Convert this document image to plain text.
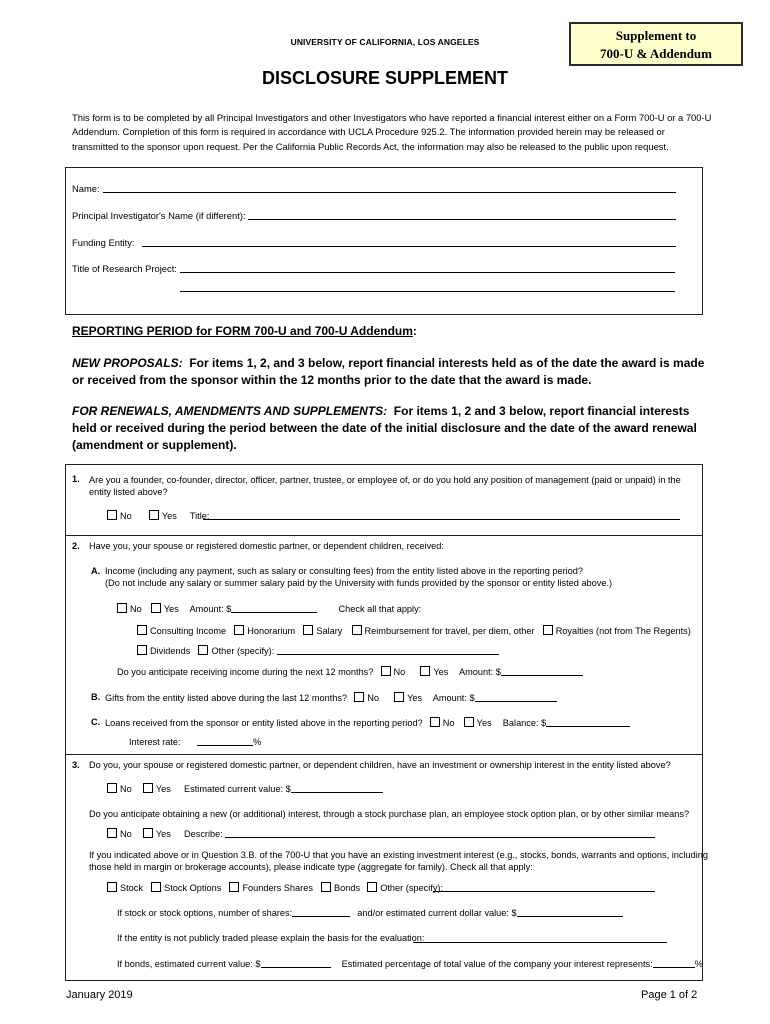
UNIVERSITY OF CALIFORNIA, LOS ANGELES	Supplement to
700-U & Addendum
DISCLOSURE SUPPLEMENT
This form is to be completed by all Principal Investigators and other Investigators who have reported a financial interest either on a Form 700-U or a 700-U Addendum. Completion of this form is required in accordance with UCLA Procedure 925.2. The information provided herein may be released or transmitted to the sponsor upon request. Per the California Public Records Act, the information may also be released to the public upon request.
Name:
Principal Investigator's Name (if different):
Funding Entity:
Title of Research Project:
REPORTING PERIOD for FORM 700-U and 700-U Addendum:
NEW PROPOSALS: For items 1, 2, and 3 below, report financial interests held as of the date the award is made or received from the sponsor within the 12 months prior to the date that the award is made.
FOR RENEWALS, AMENDMENTS AND SUPPLEMENTS: For items 1, 2 and 3 below, report financial interests held or received during the period between the date of the initial disclosure and the date of the award renewal (amendment or supplement).
1. Are you a founder, co-founder, director, officer, partner, trustee, or employee of, or do you hold any position of management (paid or unpaid) in the entity listed above?
No	Yes Title:
2. Have you, your spouse or registered domestic partner, or dependent children, received:
A. Income (including any payment, such as salary or consulting fees) from the entity listed above in the reporting period?
(Do not include any salary or summer salary paid by the University with funds provided by the sponsor or entity listed above.)
No Yes Amount: $	Check all that apply:
Consulting Income Honorarium Salary Reimbursement for travel, per diem, other Royalties (not from The Regents)
Dividends Other (specify):
Do you anticipate receiving income during the next 12 months? No	Yes Amount: $
B. Gifts from the entity listed above during the last 12 months? No	Yes Amount: $
C. Loans received from the sponsor or entity listed above in the reporting period? No Yes Balance: $
Interest rate:	%
3. Do you, your spouse or registered domestic partner, or dependent children, have an investment or ownership interest in the entity listed above?
No	Yes Estimated current value: $
Do you anticipate obtaining a new (or additional) interest, through a stock purchase plan, an employee stock option plan, or by other similar means?
No	Yes Describe:
If you indicated above or in Question 3.B. of the 700-U that you have an existing investment interest (e.g., stocks, bonds, warrants and options, including
those held in margin or brokerage accounts), please indicate type (aggregate for family). Check all that apply:
Stock Stock Options Founders Shares Bonds Other (specify):
If stock or stock options, number of shares:	and/or estimated current dollar value: $
If the entity is not publicly traded please explain the basis for the evaluation:
If bonds, estimated current value: $	Estimated percentage of total value of the company your interest represents:	%
January 2019	Page 1 of 2
